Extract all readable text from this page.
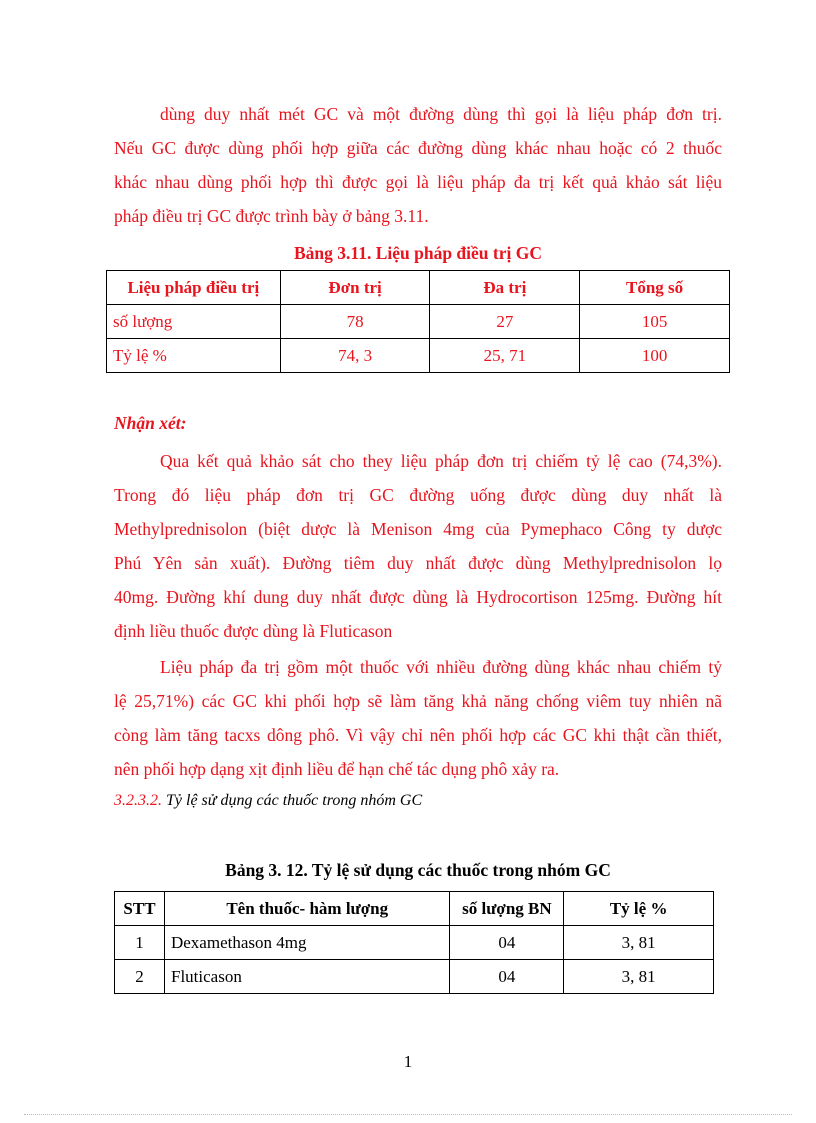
dùng duy nhất mét GC và một đường dùng thì gọi là liệu pháp đơn trị.
Nếu GC được dùng phối hợp giữa các đường dùng khác nhau hoặc có 2 thuốc
khác nhau dùng phối hợp thì được gọi là liệu pháp đa trị kết quả khảo sát liệu
pháp điều trị GC được trình bày ở bảng 3.11.

Bảng 3.11. Liệu pháp điều trị GC

Liệu pháp điều trị	Đơn trị	Đa trị	Tổng số
số lượng	78	27	105
Tỷ lệ %	74, 3	25, 71	100

Nhận xét:

Qua kết quả khảo sát cho they liệu pháp đơn trị chiếm tỷ lệ cao (74,3%).
Trong đó liệu pháp đơn trị GC đường uống được dùng duy nhất là
Methylprednisolon (biệt dược là Menison 4mg của Pymephaco Công ty dược
Phú Yên sản xuất). Đường tiêm duy nhất được dùng Methylprednisolon lọ
40mg. Đường khí dung duy nhất được dùng là Hydrocortison 125mg. Đường hít
định liều thuốc được dùng là Fluticason
Liệu pháp đa trị gồm một thuốc với nhiều đường dùng khác nhau chiếm tỷ
lệ 25,71%) các GC khi phối hợp sẽ làm tăng khả năng chống viêm tuy nhiên nã
còng làm tăng tacxs dông phô. Vì vậy chỉ nên phối hợp các GC khi thật cần thiết,
nên phối hợp dạng xịt định liều để hạn chế tác dụng phô xảy ra.

3.2.3.2. Tỷ lệ sử dụng các thuốc trong nhóm GC

Bảng 3. 12. Tỷ lệ sử dụng các thuốc trong nhóm GC

STT	Tên thuốc- hàm lượng	số lượng BN	Tỷ lệ %
1	Dexamethason 4mg	04	3, 81
2	Fluticason	04	3, 81
1
